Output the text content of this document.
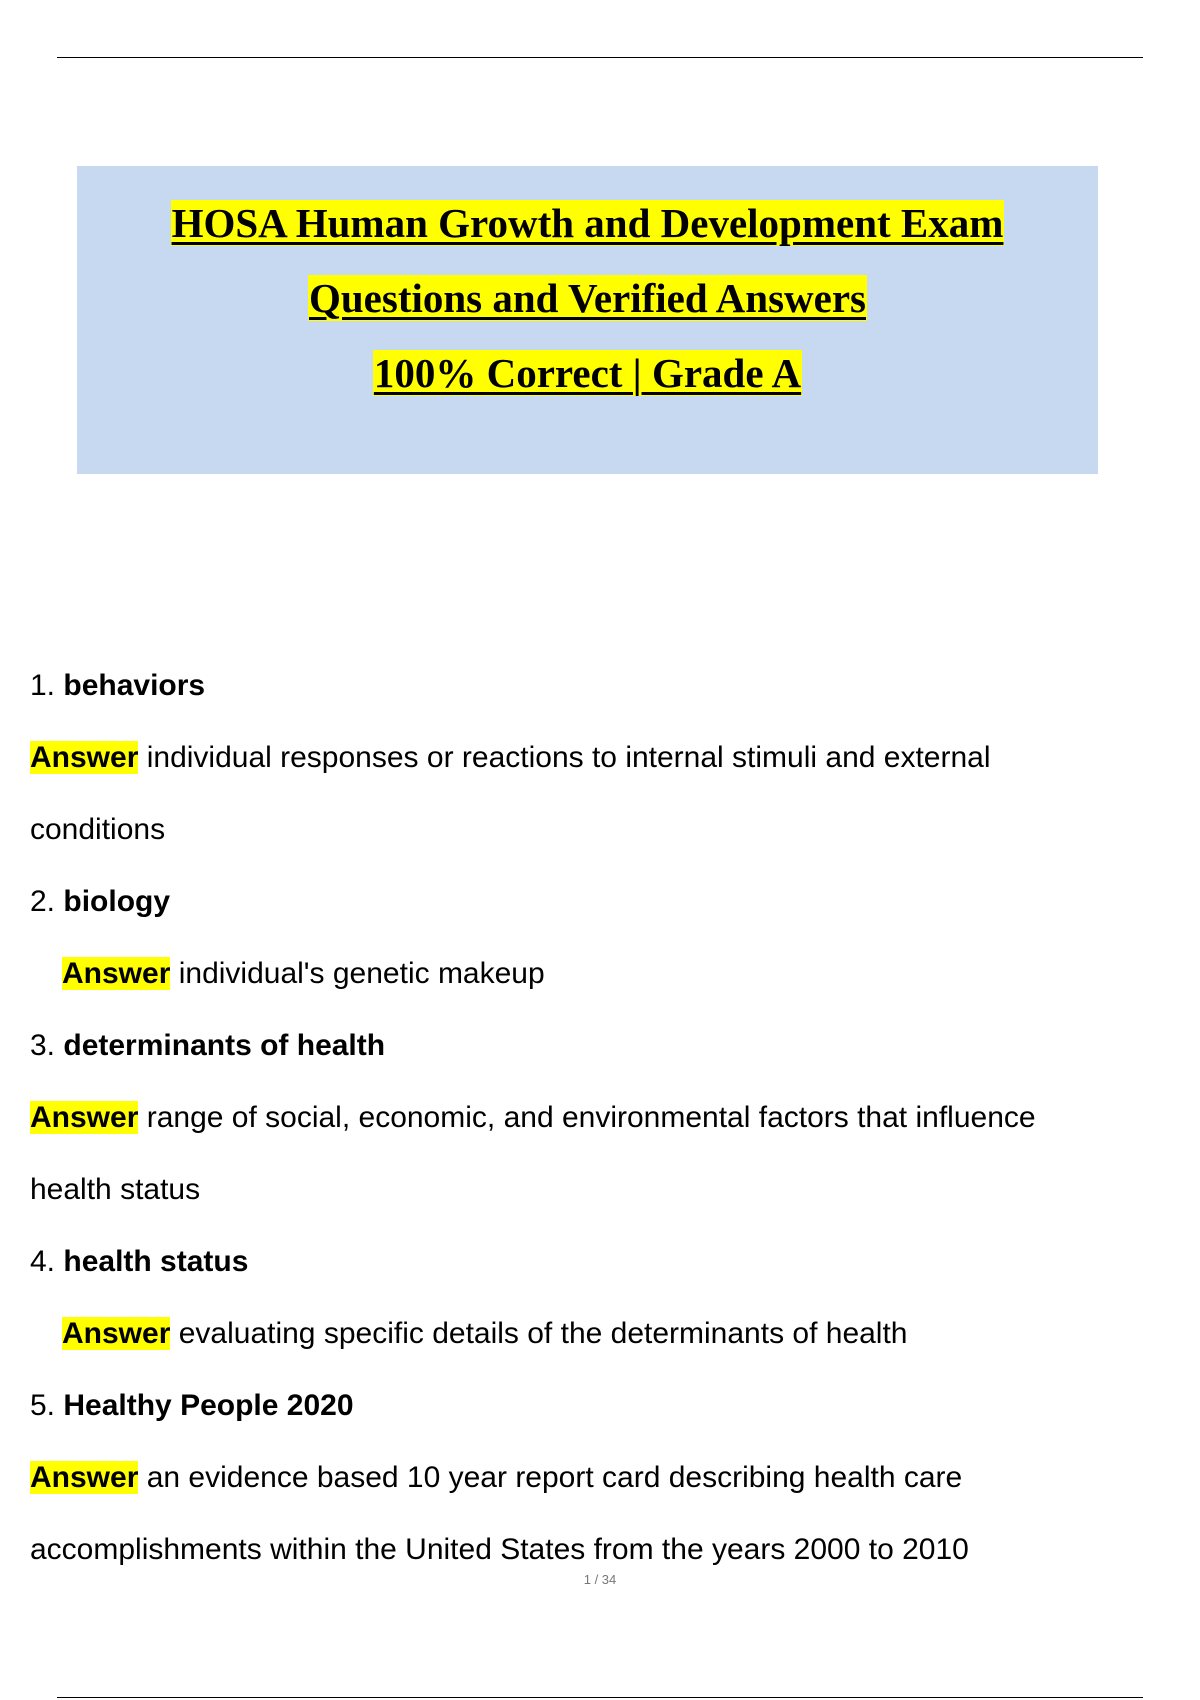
HOSA Human Growth and Development Exam
Questions and Verified Answers
100% Correct | Grade A
1. behaviors
Answer individual responses or reactions to internal stimuli and external
conditions
2. biology
Answer individual's genetic makeup
3. determinants of health
Answer range of social, economic, and environmental factors that influence
health status
4. health status
Answer evaluating specific details of the determinants of health
5. Healthy People 2020
Answer an evidence based 10 year report card describing health care
accomplishments within the United States from the years 2000 to 2010
1 / 34
